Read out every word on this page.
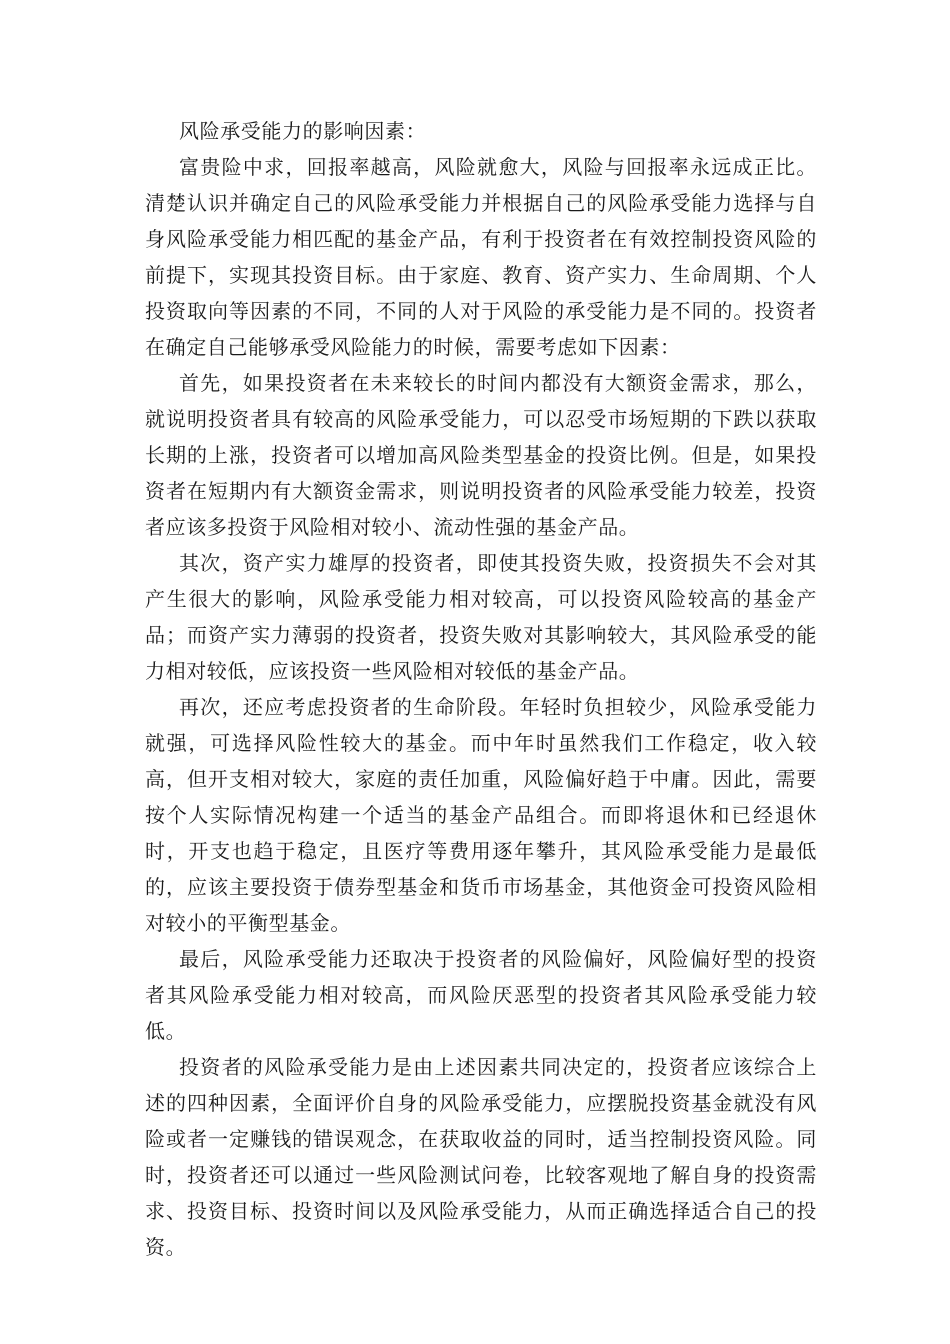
风险承受能力的影响因素：

富贵险中求，回报率越高，风险就愈大，风险与回报率永远成正比。清楚认识并确定自己的风险承受能力并根据自己的风险承受能力选择与自身风险承受能力相匹配的基金产品，有利于投资者在有效控制投资风险的前提下，实现其投资目标。由于家庭、教育、资产实力、生命周期、个人投资取向等因素的不同，不同的人对于风险的承受能力是不同的。投资者在确定自己能够承受风险能力的时候，需要考虑如下因素：

首先，如果投资者在未来较长的时间内都没有大额资金需求，那么，就说明投资者具有较高的风险承受能力，可以忍受市场短期的下跌以获取长期的上涨，投资者可以增加高风险类型基金的投资比例。但是，如果投资者在短期内有大额资金需求，则说明投资者的风险承受能力较差，投资者应该多投资于风险相对较小、流动性强的基金产品。

其次，资产实力雄厚的投资者，即使其投资失败，投资损失不会对其产生很大的影响，风险承受能力相对较高，可以投资风险较高的基金产品；而资产实力薄弱的投资者，投资失败对其影响较大，其风险承受的能力相对较低，应该投资一些风险相对较低的基金产品。

再次，还应考虑投资者的生命阶段。年轻时负担较少，风险承受能力就强，可选择风险性较大的基金。而中年时虽然我们工作稳定，收入较高，但开支相对较大，家庭的责任加重，风险偏好趋于中庸。因此，需要按个人实际情况构建一个适当的基金产品组合。而即将退休和已经退休时，开支也趋于稳定，且医疗等费用逐年攀升，其风险承受能力是最低的，应该主要投资于债券型基金和货币市场基金，其他资金可投资风险相对较小的平衡型基金。

最后，风险承受能力还取决于投资者的风险偏好，风险偏好型的投资者其风险承受能力相对较高，而风险厌恶型的投资者其风险承受能力较低。

投资者的风险承受能力是由上述因素共同决定的，投资者应该综合上述的四种因素，全面评价自身的风险承受能力，应摆脱投资基金就没有风险或者一定赚钱的错误观念，在获取收益的同时，适当控制投资风险。同时，投资者还可以通过一些风险测试问卷，比较客观地了解自身的投资需求、投资目标、投资时间以及风险承受能力，从而正确选择适合自己的投资。
